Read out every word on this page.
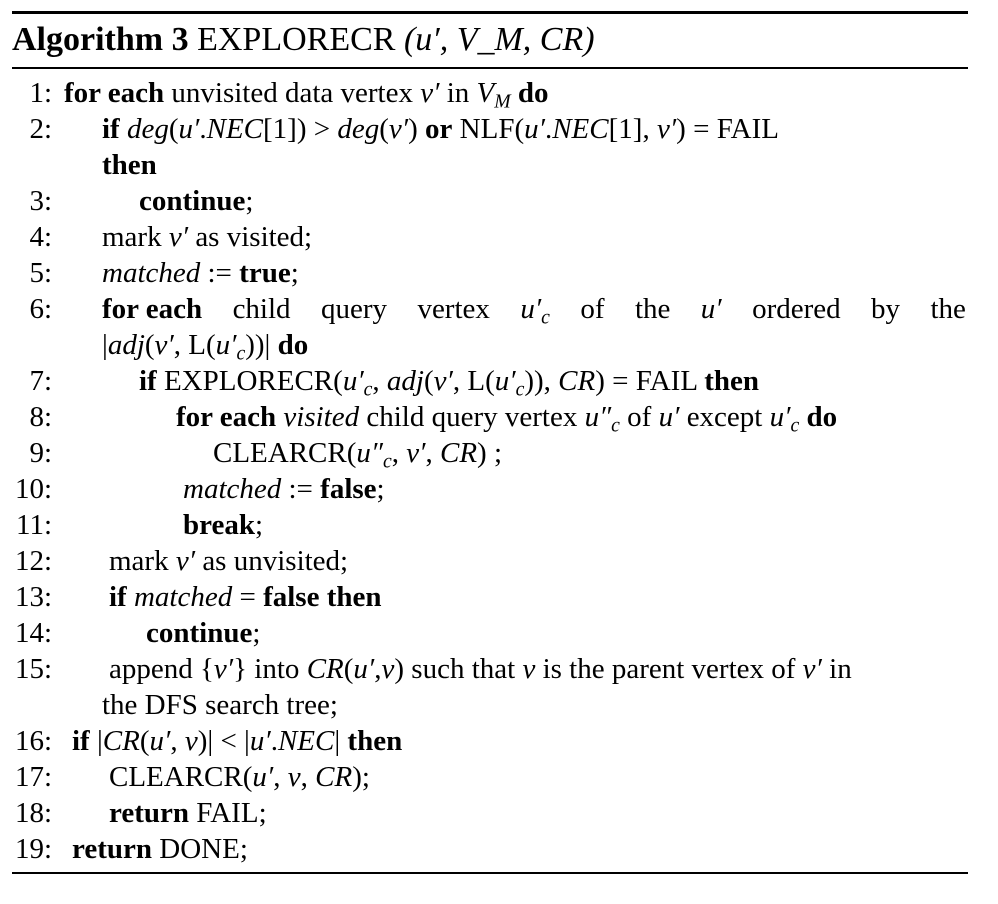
Algorithm 3 EXPLORECR (u′, V_M, CR)
1: for each unvisited data vertex v′ in $V_M$ do
2: if deg(u′.NEC[1]) > deg(v′) or NLF(u′.NEC[1], v′) = FAIL
then
3:	continue;
4: mark v′ as visited;
5: matched := true;
6: for each child query vertex $u'_c$ of the u′ ordered by the
|adj(v′, $L(u'_c))|$ do
7:	if $EXPLORECR(u'_c$, adj(v′, $L(u'_c)$), CR) = FAIL then
8:	for each visited child query vertex $u''_c$ of u′ except $u'_c$ do
9:	$CLEARCR(u''_c$, v′, CR) ;
10:	matched := false;
11:	break;
12: mark v′ as unvisited;
13: if matched = false then
14:	continue;
15: append {v′} into CR(u′,v) such that v is the parent vertex of v′ in
the DFS search tree;
16: if |CR(u′, v)| < |u′.NEC| then
17: CLEARCR(u′, v, CR);
18: return FAIL;
19: return DONE;
